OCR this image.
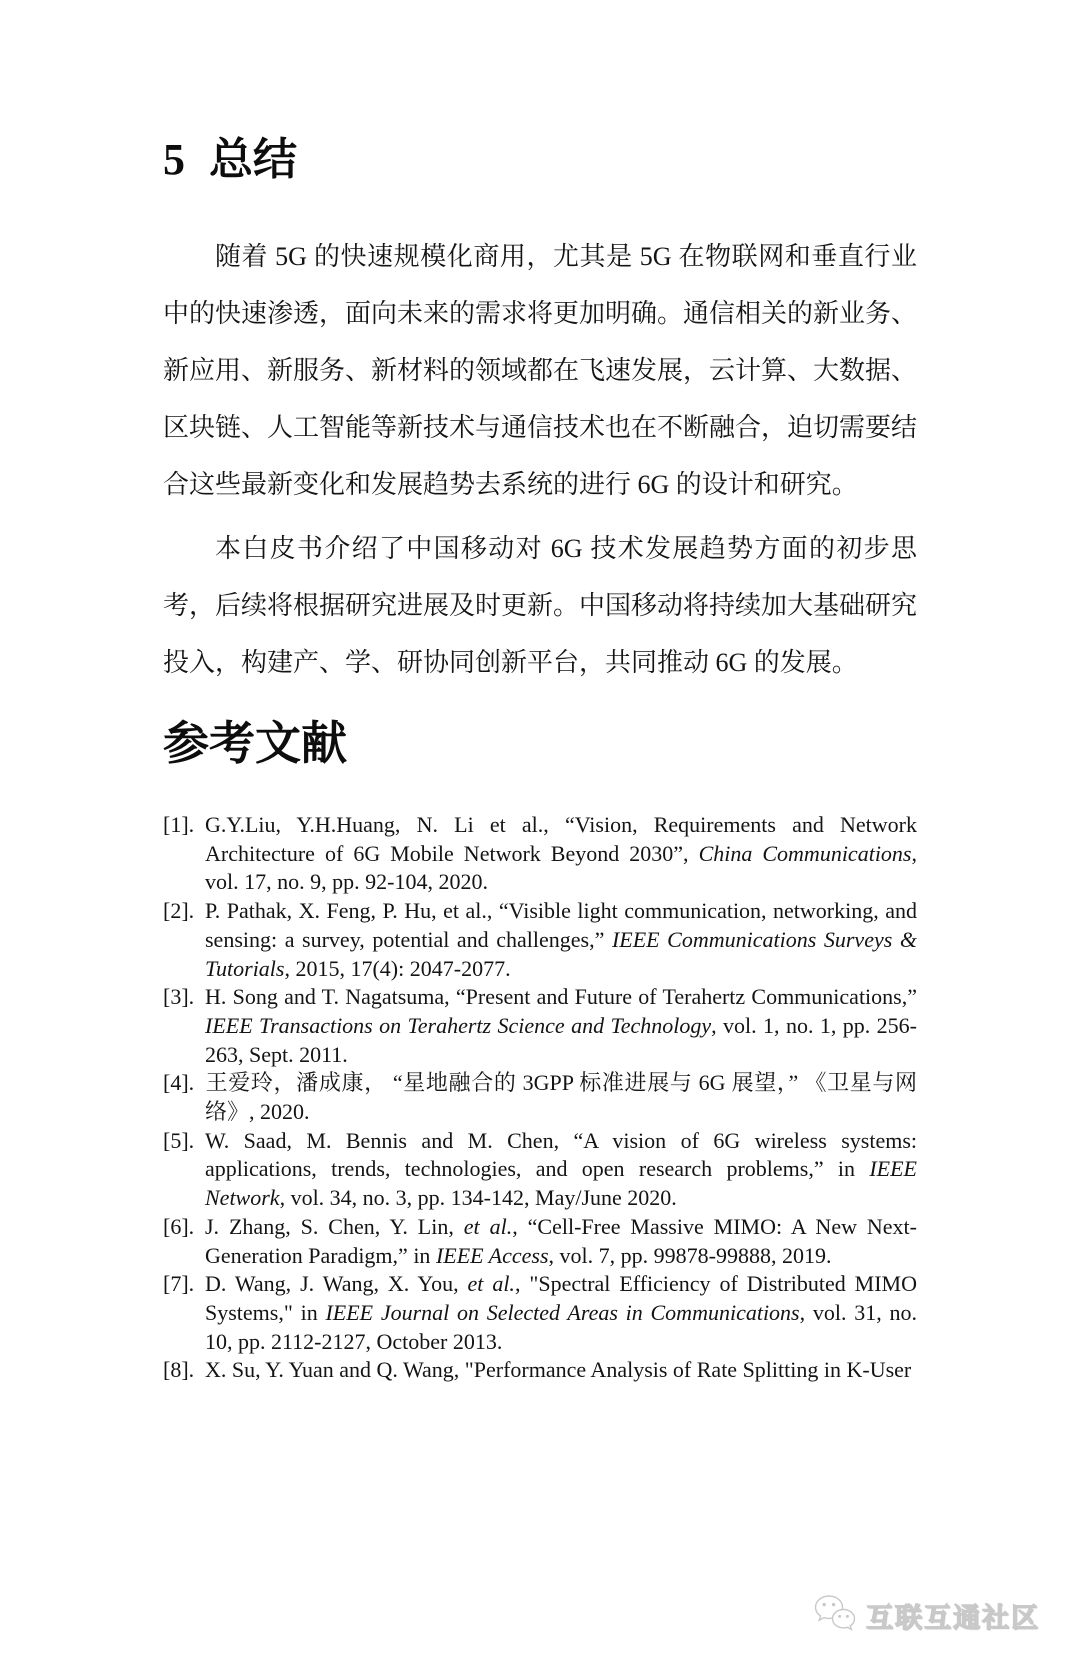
5 总结

随着 5G 的快速规模化商用，尤其是 5G 在物联网和垂直行业中的快速渗透，面向未来的需求将更加明确。通信相关的新业务、新应用、新服务、新材料的领域都在飞速发展，云计算、大数据、区块链、人工智能等新技术与通信技术也在不断融合，迫切需要结合这些最新变化和发展趋势去系统的进行 6G 的设计和研究。

本白皮书介绍了中国移动对 6G 技术发展趋势方面的初步思考，后续将根据研究进展及时更新。中国移动将持续加大基础研究投入，构建产、学、研协同创新平台，共同推动 6G 的发展。

参考文献
[1]. G.Y.Liu, Y.H.Huang, N. Li et al., “Vision, Requirements and Network Architecture of 6G Mobile Network Beyond 2030”, China Communications, vol. 17, no. 9, pp. 92-104, 2020.
[2]. P. Pathak, X. Feng, P. Hu, et al., “Visible light communication, networking, and sensing: a survey, potential and challenges,” IEEE Communications Surveys & Tutorials, 2015, 17(4): 2047-2077.
[3]. H. Song and T. Nagatsuma, “Present and Future of Terahertz Communications,” IEEE Transactions on Terahertz Science and Technology, vol. 1, no. 1, pp. 256-263, Sept. 2011.
[4]. 王爱玲，潘成康， “星地融合的 3GPP 标准进展与 6G 展望，” 《卫星与网络》, 2020.
[5]. W. Saad, M. Bennis and M. Chen, “A vision of 6G wireless systems: applications, trends, technologies, and open research problems,” in IEEE Network, vol. 34, no. 3, pp. 134-142, May/June 2020.
[6]. J. Zhang, S. Chen, Y. Lin, et al., “Cell-Free Massive MIMO: A New Next-Generation Paradigm,” in IEEE Access, vol. 7, pp. 99878-99888, 2019.
[7]. D. Wang, J. Wang, X. You, et al., "Spectral Efficiency of Distributed MIMO Systems," in IEEE Journal on Selected Areas in Communications, vol. 31, no. 10, pp. 2112-2127, October 2013.
[8]. X. Su, Y. Yuan and Q. Wang, "Performance Analysis of Rate Splitting in K-User
互联互通社区
